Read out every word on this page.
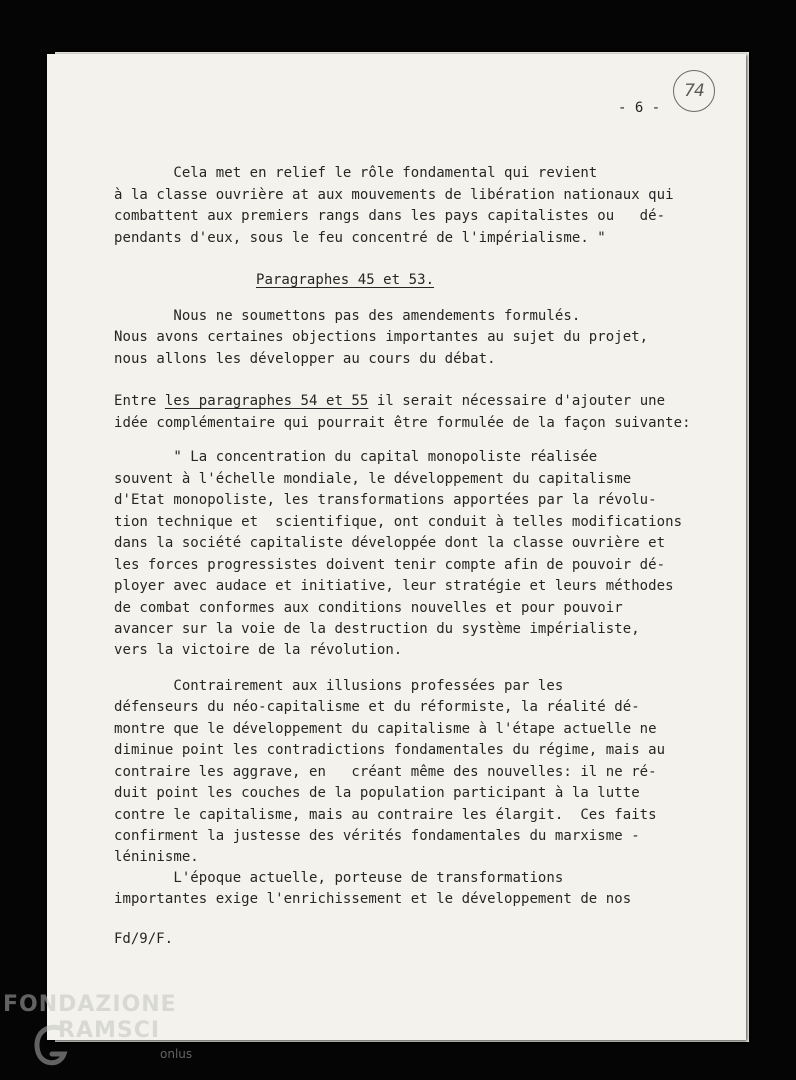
- 6 -
74
Cela met en relief le rôle fondamental qui revient
à la classe ouvrière at aux mouvements de libération nationaux qui
combattent aux premiers rangs dans les pays capitalistes ou   dé-
pendants d'eux, sous le feu concentré de l'impérialisme. "
Paragraphes 45 et 53.
Nous ne soumettons pas des amendements formulés.
Nous avons certaines objections importantes au sujet du projet,
nous allons les développer au cours du débat.
Entre les paragraphes 54 et 55 il serait nécessaire d'ajouter une
idée complémentaire qui pourrait être formulée de la façon suivante:
" La concentration du capital monopoliste réalisée
souvent à l'échelle mondiale, le développement du capitalisme
d'Etat monopoliste, les transformations apportées par la révolu-
tion technique et  scientifique, ont conduit à telles modifications
dans la société capitaliste développée dont la classe ouvrière et
les forces progressistes doivent tenir compte afin de pouvoir dé-
ployer avec audace et initiative, leur stratégie et leurs méthodes
de combat conformes aux conditions nouvelles et pour pouvoir
avancer sur la voie de la destruction du système impérialiste,
vers la victoire de la révolution.
Contrairement aux illusions professées par les
défenseurs du néo-capitalisme et du réformiste, la réalité dé-
montre que le développement du capitalisme à l'étape actuelle ne
diminue point les contradictions fondamentales du régime, mais au
contraire les aggrave, en   créant même des nouvelles: il ne ré-
duit point les couches de la population participant à la lutte
contre le capitalisme, mais au contraire les élargit.  Ces faits
confirment la justesse des vérités fondamentales du marxisme -
léninisme.
L'époque actuelle, porteuse de transformations
importantes exige l'enrichissement et le développement de nos
Fd/9/F.
FONDAZIONE
RAMSCI
onlus
